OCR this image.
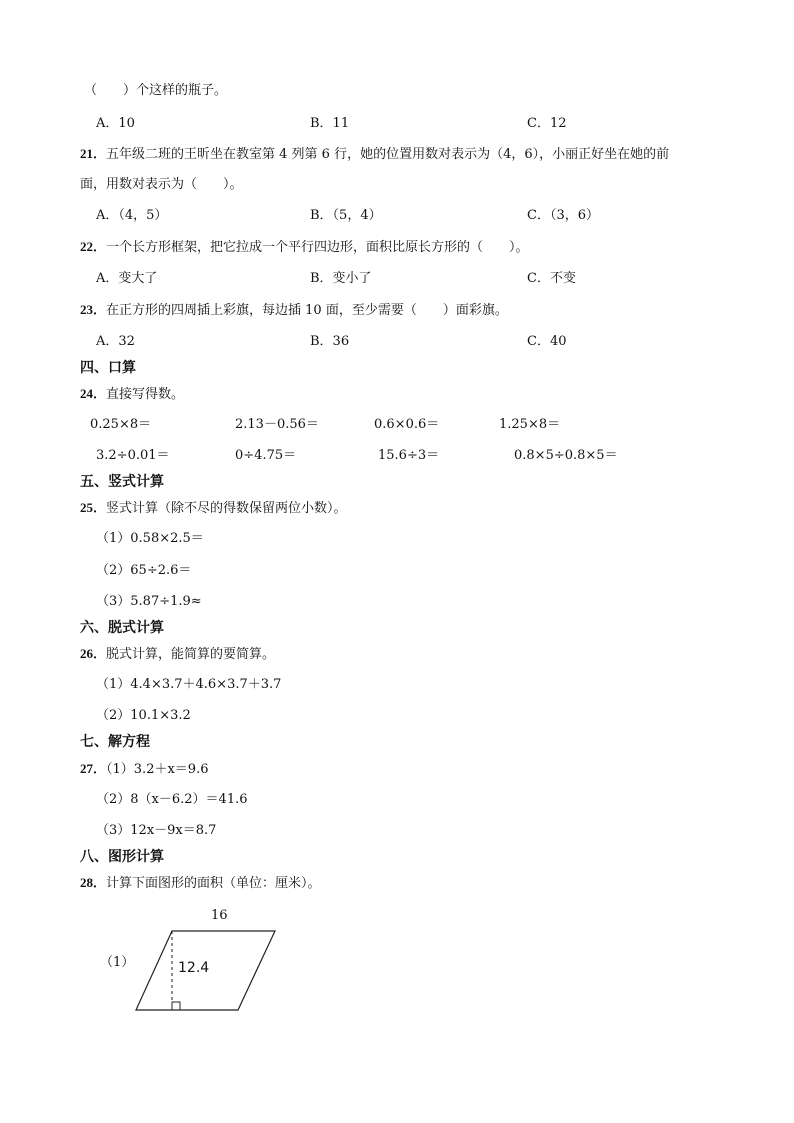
（　　）个这样的瓶子。
A．10	B．11	C．12
21．五年级二班的王昕坐在教室第 4 列第 6 行，她的位置用数对表示为（4，6），小丽正好坐在她的前
面，用数对表示为（　　）。
A．（4，5）	B．（5，4）	C．（3，6）
22．一个长方形框架，把它拉成一个平行四边形，面积比原长方形的（　　）。
A．变大了	B．变小了	C．不变
23．在正方形的四周插上彩旗，每边插 10 面，至少需要（　　）面彩旗。
A．32	B．36	C．40
四、口算
24．直接写得数。
0.25×8＝	2.13－0.56＝	0.6×0.6＝	1.25×8＝
3.2÷0.01＝	0÷4.75＝	15.6÷3＝	0.8×5÷0.8×5＝
五、竖式计算
25．竖式计算（除不尽的得数保留两位小数）。
（1）0.58×2.5＝
（2）65÷2.6＝
（3）5.87÷1.9≈
六、脱式计算
26．脱式计算，能简算的要简算。
（1）4.4×3.7＋4.6×3.7＋3.7
（2）10.1×3.2
七、解方程
27．（1）3.2＋x＝9.6
（2）8（x－6.2）＝41.6
（3）12x－9x＝8.7
八、图形计算
28．计算下面图形的面积（单位：厘米）。
（1）
16
12.4
